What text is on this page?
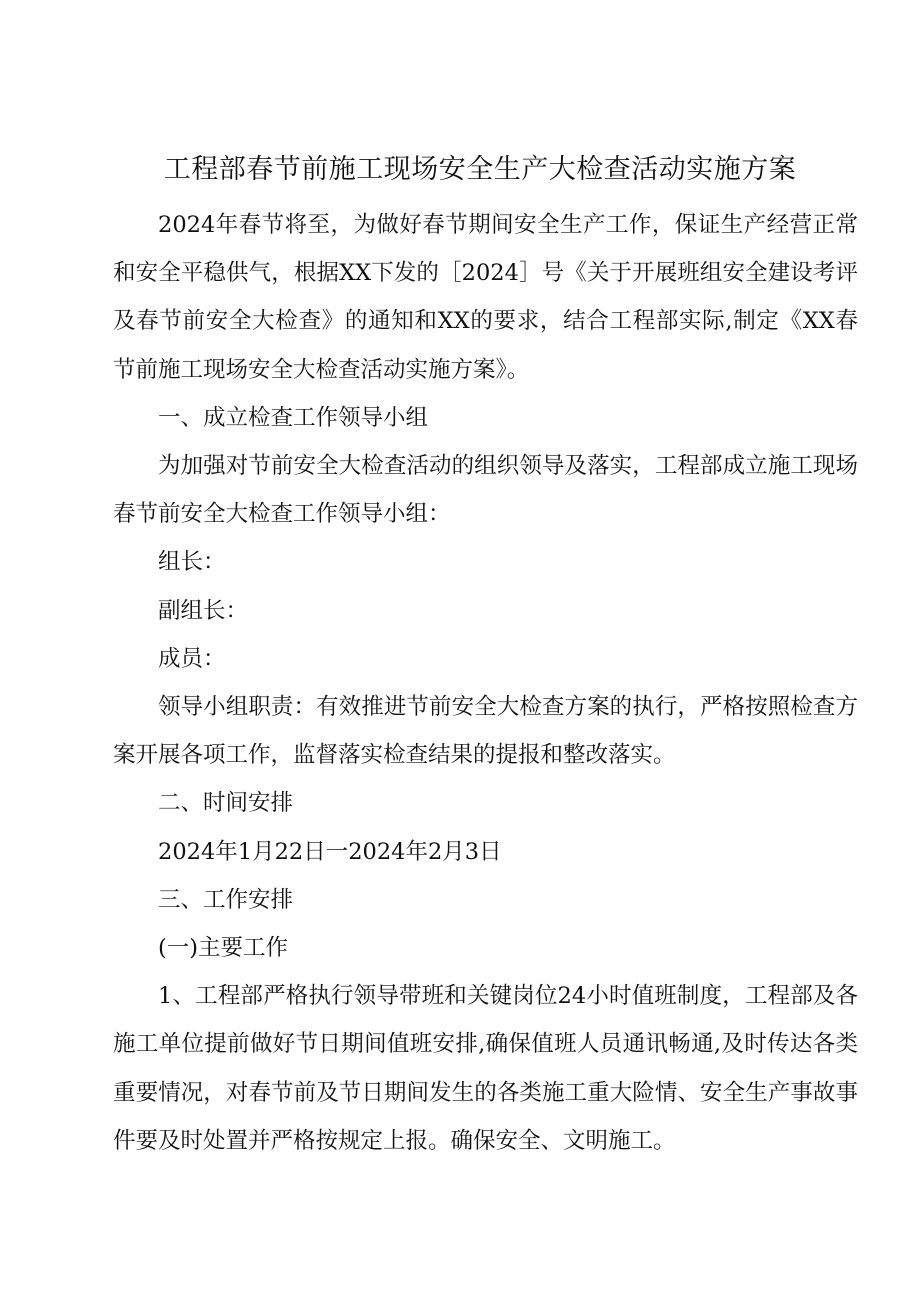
工程部春节前施工现场安全生产大检查活动实施方案

2024年春节将至，为做好春节期间安全生产工作，保证生产经营正常和安全平稳供气，根据XX下发的［2024］号《关于开展班组安全建设考评及春节前安全大检查》的通知和XX的要求，结合工程部实际,制定《XX春节前施工现场安全大检查活动实施方案》。

一、成立检查工作领导小组

为加强对节前安全大检查活动的组织领导及落实，工程部成立施工现场春节前安全大检查工作领导小组：

组长：

副组长：

成员：

领导小组职责：有效推进节前安全大检查方案的执行，严格按照检查方案开展各项工作，监督落实检查结果的提报和整改落实。

二、时间安排

2024年1月22日一2024年2月3日

三、工作安排

(一)主要工作

1、工程部严格执行领导带班和关键岗位24小时值班制度，工程部及各施工单位提前做好节日期间值班安排,确保值班人员通讯畅通,及时传达各类重要情况，对春节前及节日期间发生的各类施工重大险情、安全生产事故事件要及时处置并严格按规定上报。确保安全、文明施工。
